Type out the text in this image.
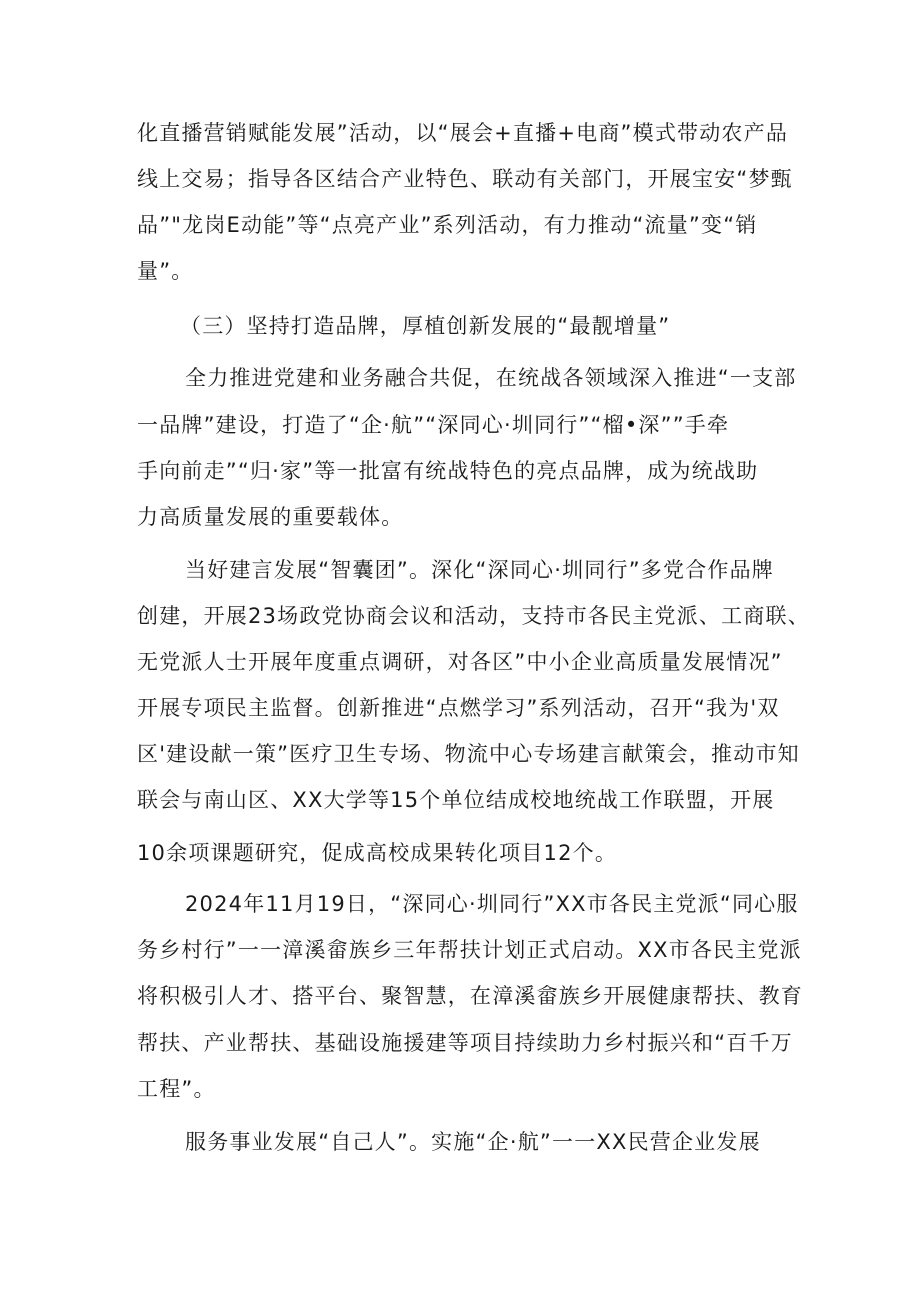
化直播营销赋能发展”活动，以“展会+直播+电商”模式带动农产品
线上交易；指导各区结合产业特色、联动有关部门，开展宝安“梦甄
品”"龙岗E动能”等“点亮产业”系列活动，有力推动“流量”变“销
量”。
（三）坚持打造品牌，厚植创新发展的“最靓增量”
全力推进党建和业务融合共促，在统战各领域深入推进“一支部
一品牌”建设，打造了“企·航”“深同心·圳同行”“榴•深””手牵
手向前走”“归·家”等一批富有统战特色的亮点品牌，成为统战助
力高质量发展的重要载体。
当好建言发展“智囊团”。深化“深同心·圳同行”多党合作品牌
创建，开展23场政党协商会议和活动，支持市各民主党派、工商联、
无党派人士开展年度重点调研，对各区”中小企业高质量发展情况”
开展专项民主监督。创新推进“点燃学习”系列活动，召开“我为'双
区'建设献一策”医疗卫生专场、物流中心专场建言献策会，推动市知
联会与南山区、XX大学等15个单位结成校地统战工作联盟，开展
10余项课题研究，促成高校成果转化项目12个。
2024年11月19日，“深同心·圳同行”XX市各民主党派“同心服
务乡村行”一一漳溪畲族乡三年帮扶计划正式启动。XX市各民主党派
将积极引人才、搭平台、聚智慧，在漳溪畲族乡开展健康帮扶、教育
帮扶、产业帮扶、基础设施援建等项目持续助力乡村振兴和“百千万
工程”。
服务事业发展“自己人”。实施“企·航”一一XX民营企业发展
